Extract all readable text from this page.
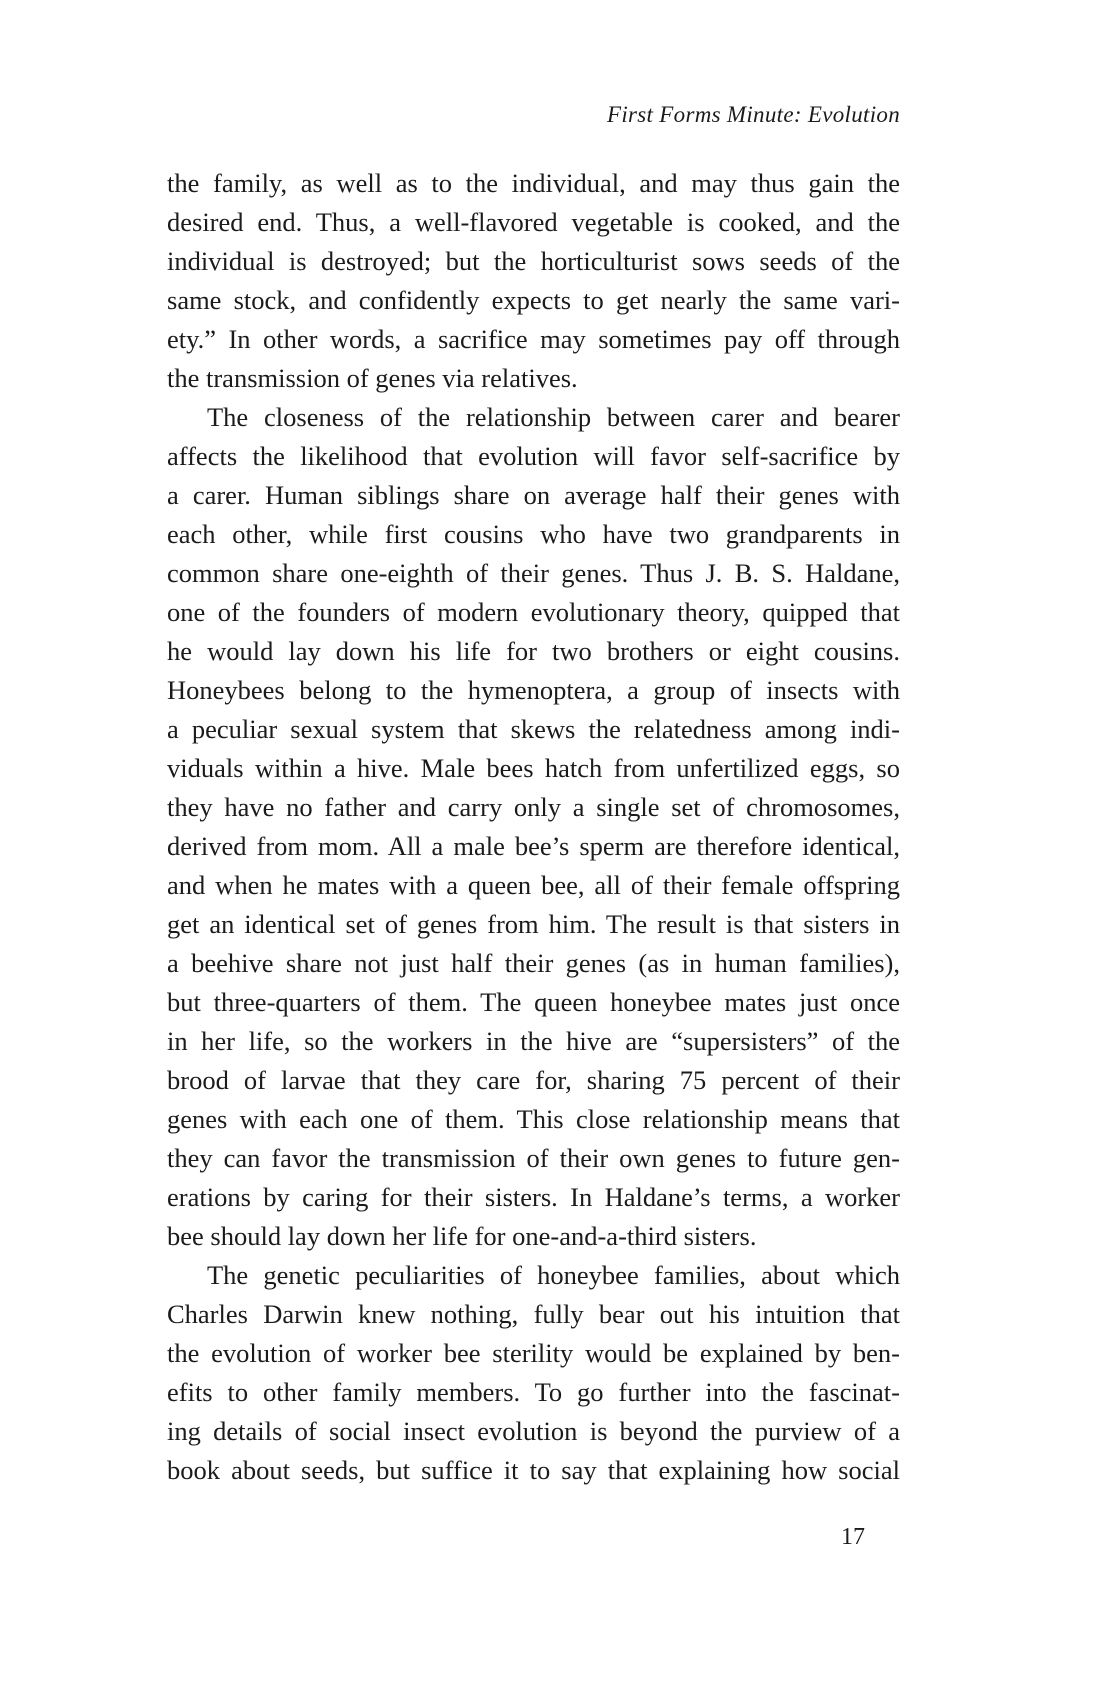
First Forms Minute: Evolution
the family, as well as to the individual, and may thus gain the
desired end. Thus, a well-flavored vegetable is cooked, and the
individual is destroyed; but the horticulturist sows seeds of the
same stock, and confidently expects to get nearly the same vari-
ety.” In other words, a sacrifice may sometimes pay off through
the transmission of genes via relatives.
The closeness of the relationship between carer and bearer
affects the likelihood that evolution will favor self-sacrifice by
a carer. Human siblings share on average half their genes with
each other, while first cousins who have two grandparents in
common share one-eighth of their genes. Thus J. B. S. Haldane,
one of the founders of modern evolutionary theory, quipped that
he would lay down his life for two brothers or eight cousins.
Honeybees belong to the hymenoptera, a group of insects with
a peculiar sexual system that skews the relatedness among indi-
viduals within a hive. Male bees hatch from unfertilized eggs, so
they have no father and carry only a single set of chromosomes,
derived from mom. All a male bee’s sperm are therefore identical,
and when he mates with a queen bee, all of their female offspring
get an identical set of genes from him. The result is that sisters in
a beehive share not just half their genes (as in human families),
but three-quarters of them. The queen honeybee mates just once
in her life, so the workers in the hive are “supersisters” of the
brood of larvae that they care for, sharing 75 percent of their
genes with each one of them. This close relationship means that
they can favor the transmission of their own genes to future gen-
erations by caring for their sisters. In Haldane’s terms, a worker
bee should lay down her life for one-and-a-third sisters.
The genetic peculiarities of honeybee families, about which
Charles Darwin knew nothing, fully bear out his intuition that
the evolution of worker bee sterility would be explained by ben-
efits to other family members. To go further into the fascinat-
ing details of social insect evolution is beyond the purview of a
book about seeds, but suffice it to say that explaining how social
17
